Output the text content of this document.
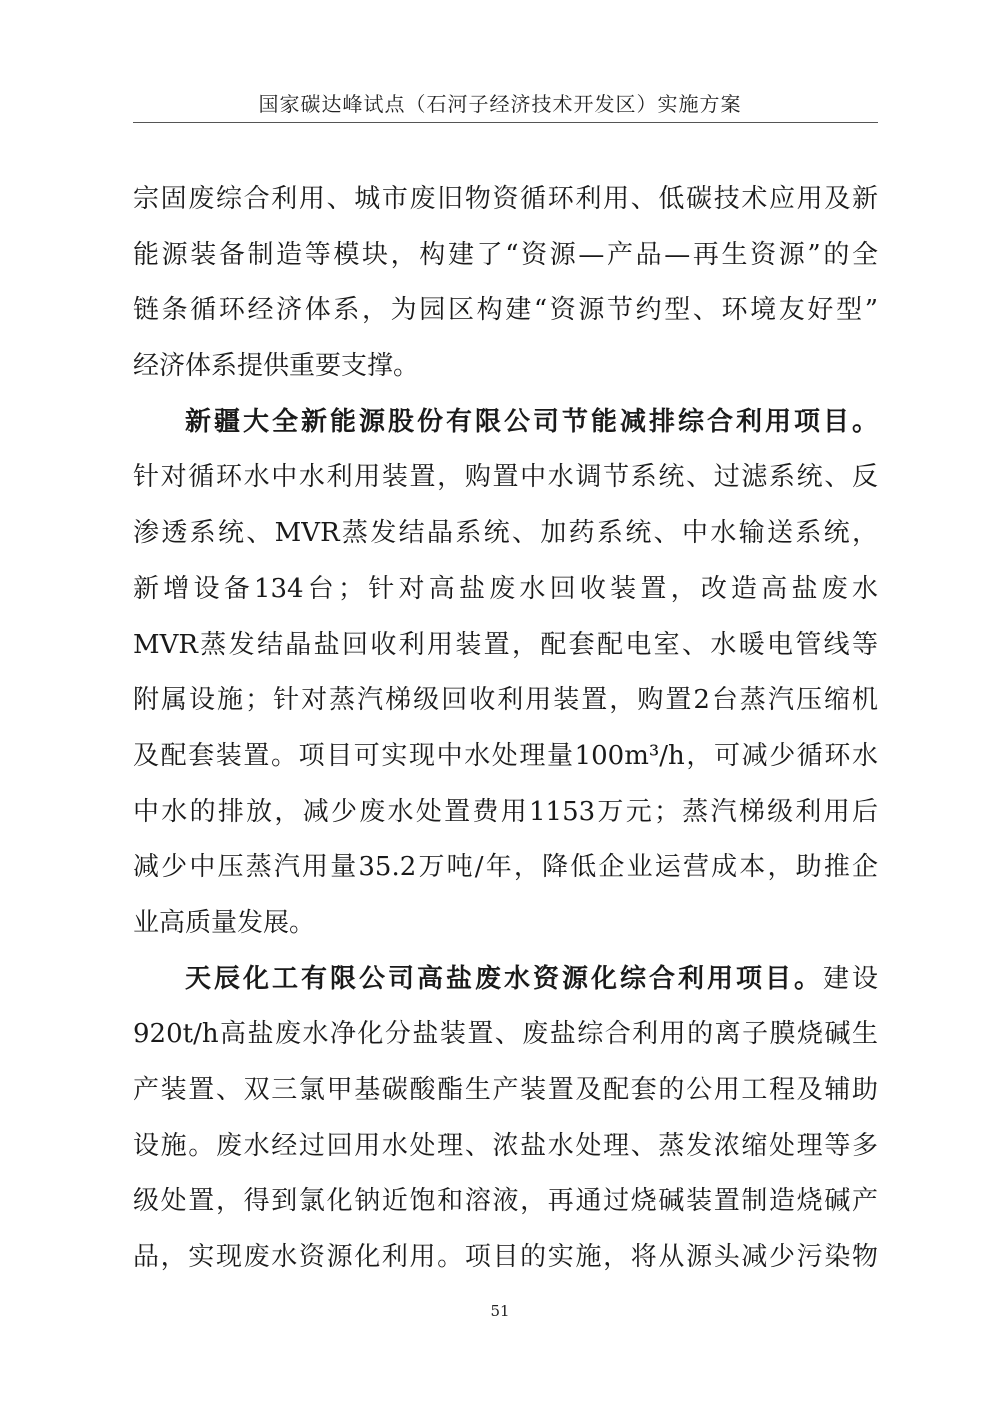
国家碳达峰试点（石河子经济技术开发区）实施方案
宗固废综合利用、城市废旧物资循环利用、低碳技术应用及新
能源装备制造等模块，构建了“资源—产品—再生资源”的全
链条循环经济体系，为园区构建“资源节约型、环境友好型”
经济体系提供重要支撑。
新疆大全新能源股份有限公司节能减排综合利用项目。
针对循环水中水利用装置，购置中水调节系统、过滤系统、反
渗透系统、MVR蒸发结晶系统、加药系统、中水输送系统，
新增设备134台；针对高盐废水回收装置，改造高盐废水
MVR蒸发结晶盐回收利用装置，配套配电室、水暖电管线等
附属设施；针对蒸汽梯级回收利用装置，购置2台蒸汽压缩机
及配套装置。项目可实现中水处理量100m³/h，可减少循环水
中水的排放，减少废水处置费用1153万元；蒸汽梯级利用后
减少中压蒸汽用量35.2万吨/年，降低企业运营成本，助推企
业高质量发展。
天辰化工有限公司高盐废水资源化综合利用项目。建设
920t/h高盐废水净化分盐装置、废盐综合利用的离子膜烧碱生
产装置、双三氯甲基碳酸酯生产装置及配套的公用工程及辅助
设施。废水经过回用水处理、浓盐水处理、蒸发浓缩处理等多
级处置，得到氯化钠近饱和溶液，再通过烧碱装置制造烧碱产
品，实现废水资源化利用。项目的实施，将从源头减少污染物
51
